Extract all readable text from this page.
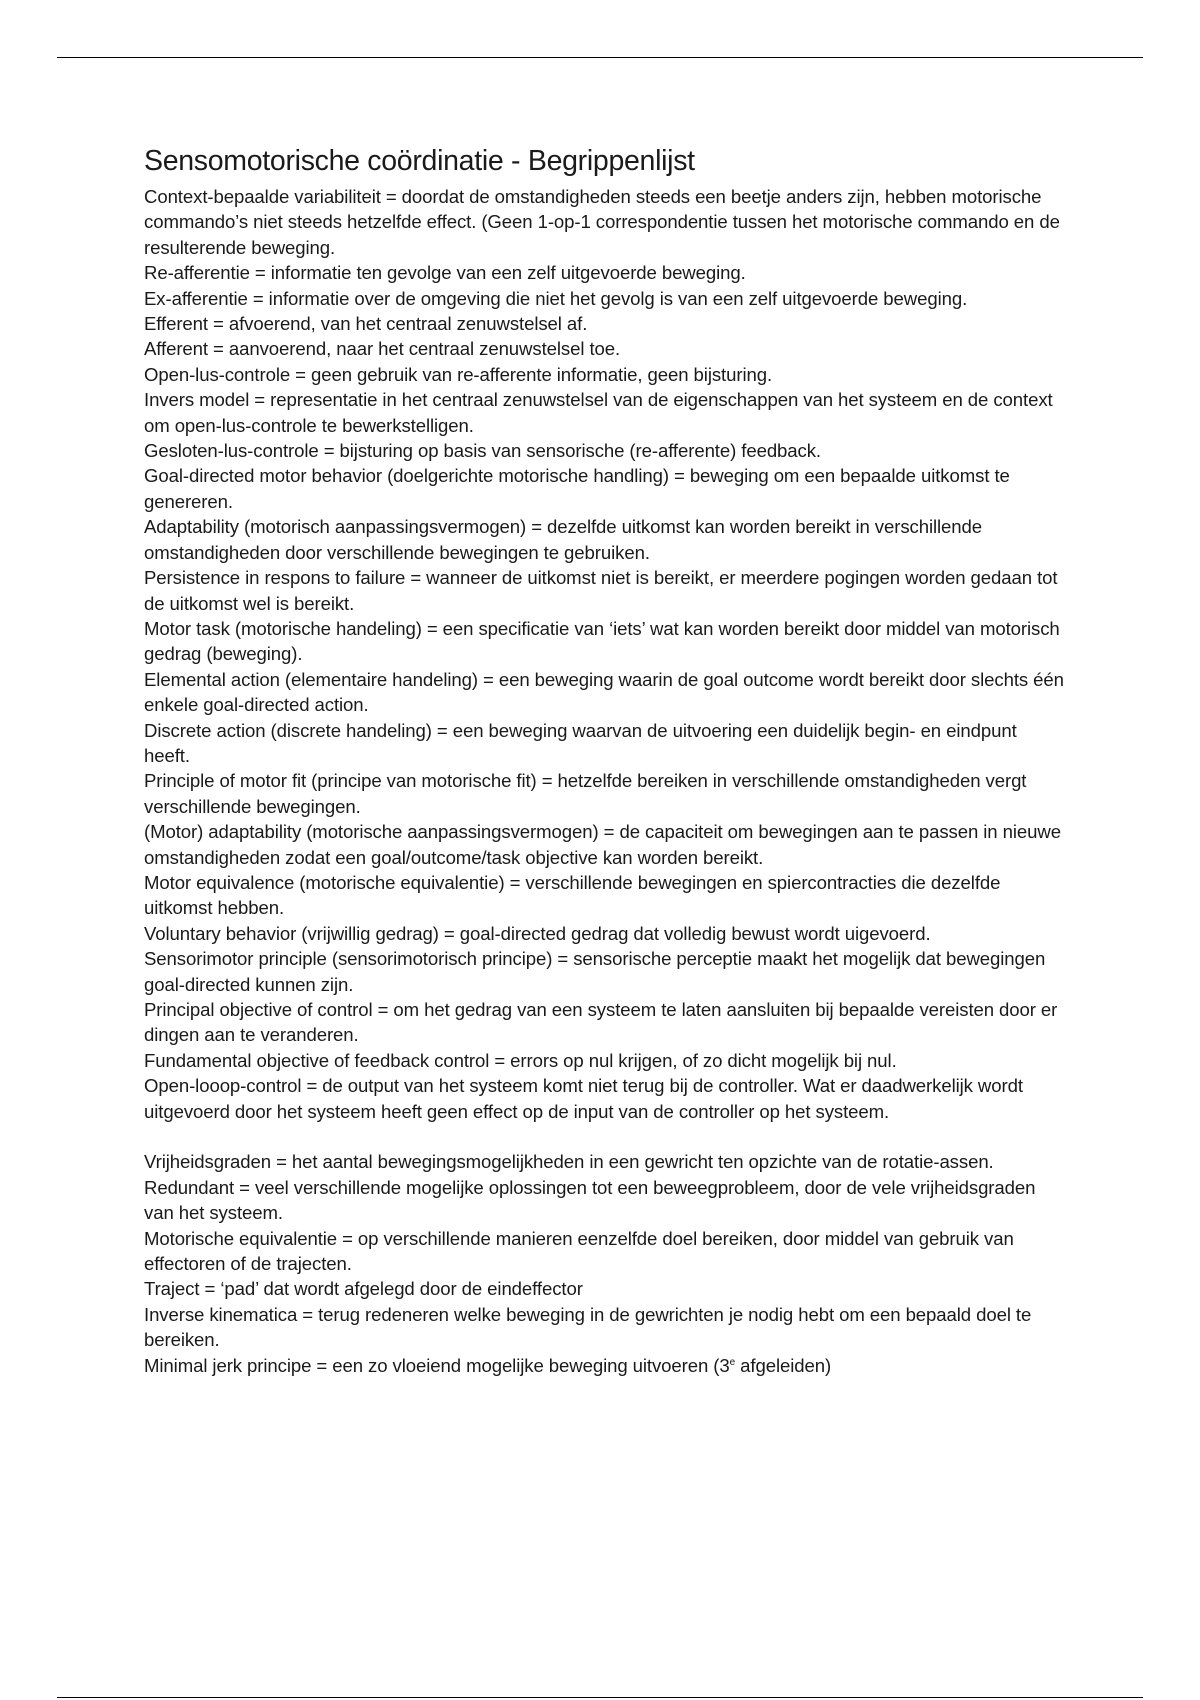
Sensomotorische coördinatie - Begrippenlijst

Context-bepaalde variabiliteit = doordat de omstandigheden steeds een beetje anders zijn, hebben motorische commando’s niet steeds hetzelfde effect. (Geen 1-op-1 correspondentie tussen het motorische commando en de resulterende beweging.

Re-afferentie = informatie ten gevolge van een zelf uitgevoerde beweging.

Ex-afferentie = informatie over de omgeving die niet het gevolg is van een zelf uitgevoerde beweging.

Efferent = afvoerend, van het centraal zenuwstelsel af.

Afferent = aanvoerend, naar het centraal zenuwstelsel toe.

Open-lus-controle = geen gebruik van re-afferente informatie, geen bijsturing.

Invers model = representatie in het centraal zenuwstelsel van de eigenschappen van het systeem en de context om open-lus-controle te bewerkstelligen.

Gesloten-lus-controle = bijsturing op basis van sensorische (re-afferente) feedback.

Goal-directed motor behavior (doelgerichte motorische handling) = beweging om een bepaalde uitkomst te genereren.

Adaptability (motorisch aanpassingsvermogen) = dezelfde uitkomst kan worden bereikt in verschillende omstandigheden door verschillende bewegingen te gebruiken.

Persistence in respons to failure = wanneer de uitkomst niet is bereikt, er meerdere pogingen worden gedaan tot de uitkomst wel is bereikt.

Motor task (motorische handeling) = een specificatie van ‘iets’ wat kan worden bereikt door middel van motorisch gedrag (beweging).

Elemental action (elementaire handeling) = een beweging waarin de goal outcome wordt bereikt door slechts één enkele goal-directed action.

Discrete action (discrete handeling) = een beweging waarvan de uitvoering een duidelijk begin- en eindpunt heeft.

Principle of motor fit (principe van motorische fit) = hetzelfde bereiken in verschillende omstandigheden vergt verschillende bewegingen.

(Motor) adaptability (motorische aanpassingsvermogen) = de capaciteit om bewegingen aan te passen in nieuwe omstandigheden zodat een goal/outcome/task objective kan worden bereikt.

Motor equivalence (motorische equivalentie) = verschillende bewegingen en spiercontracties die dezelfde uitkomst hebben.

Voluntary behavior (vrijwillig gedrag) = goal-directed gedrag dat volledig bewust wordt uigevoerd.

Sensorimotor principle (sensorimotorisch principe) = sensorische perceptie maakt het mogelijk dat bewegingen goal-directed kunnen zijn.

Principal objective of control = om het gedrag van een systeem te laten aansluiten bij bepaalde vereisten door er dingen aan te veranderen.

Fundamental objective of feedback control = errors op nul krijgen, of zo dicht mogelijk bij nul.

Open-looop-control = de output van het systeem komt niet terug bij de controller. Wat er daadwerkelijk wordt uitgevoerd door het systeem heeft geen effect op de input van de controller op het systeem.

Vrijheidsgraden = het aantal bewegingsmogelijkheden in een gewricht ten opzichte van de rotatie-assen.

Redundant = veel verschillende mogelijke oplossingen tot een beweegprobleem, door de vele vrijheidsgraden van het systeem.

Motorische equivalentie = op verschillende manieren eenzelfde doel bereiken, door middel van gebruik van effectoren of de trajecten.

Traject = ‘pad’ dat wordt afgelegd door de eindeffector

Inverse kinematica = terug redeneren welke beweging in de gewrichten je nodig hebt om een bepaald doel te bereiken.

Minimal jerk principe = een zo vloeiend mogelijke beweging uitvoeren (3e afgeleiden)
